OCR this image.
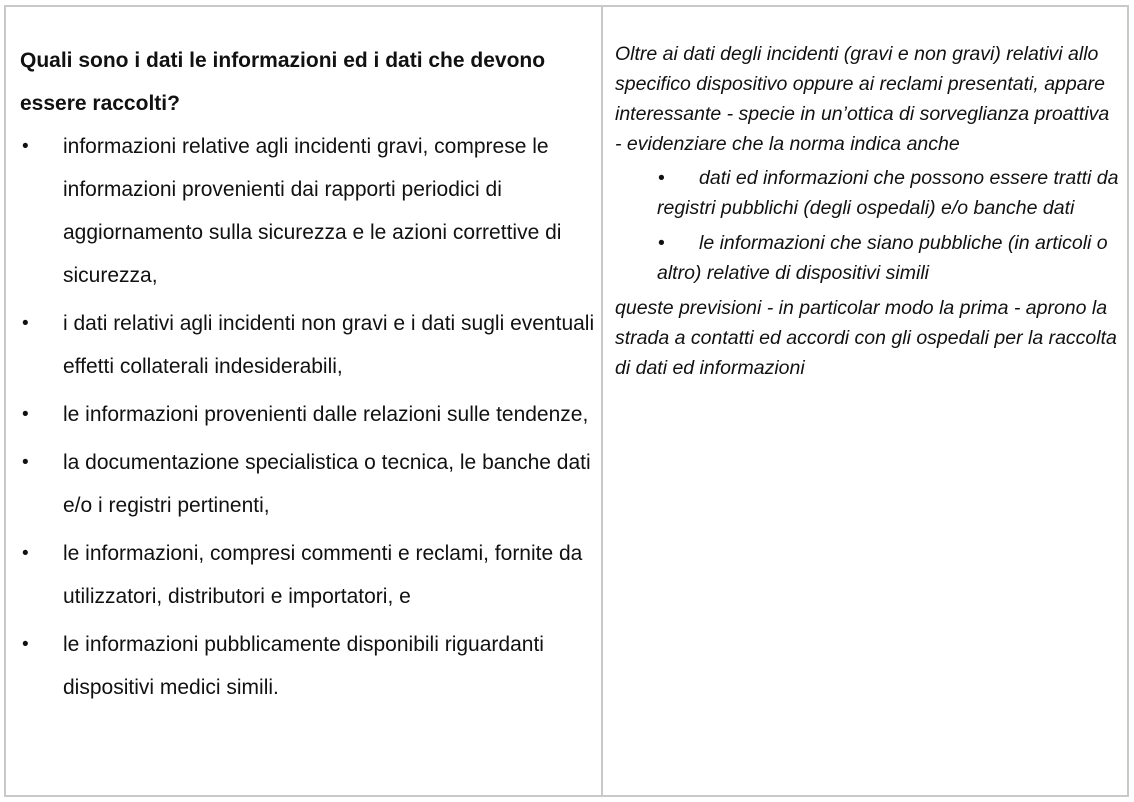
Quali sono i dati le informazioni ed i dati che devono essere raccolti?

• informazioni relative agli incidenti gravi, comprese le informazioni provenienti dai rapporti periodici di aggiornamento sulla sicurezza e le azioni correttive di sicurezza,
• i dati relativi agli incidenti non gravi e i dati sugli eventuali effetti collaterali indesiderabili,
• le informazioni provenienti dalle relazioni sulle tendenze,
• la documentazione specialistica o tecnica, le banche dati e/o i registri pertinenti,
• le informazioni, compresi commenti e reclami, fornite da utilizzatori, distributori e importatori, e
• le informazioni pubblicamente disponibili riguardanti dispositivi medici simili.

Oltre ai dati degli incidenti (gravi e non gravi) relativi allo specifico dispositivo oppure ai reclami presentati, appare interessante - specie in un’ottica di sorveglianza proattiva - evidenziare che la norma indica anche

•	dati ed informazioni che possono essere tratti da registri pubblichi (degli ospedali) e/o banche dati
•	le informazioni che siano pubbliche (in articoli o altro) relative di dispositivi simili

queste previsioni - in particolar modo la prima - aprono la strada a contatti ed accordi con gli ospedali per la raccolta di dati ed informazioni
